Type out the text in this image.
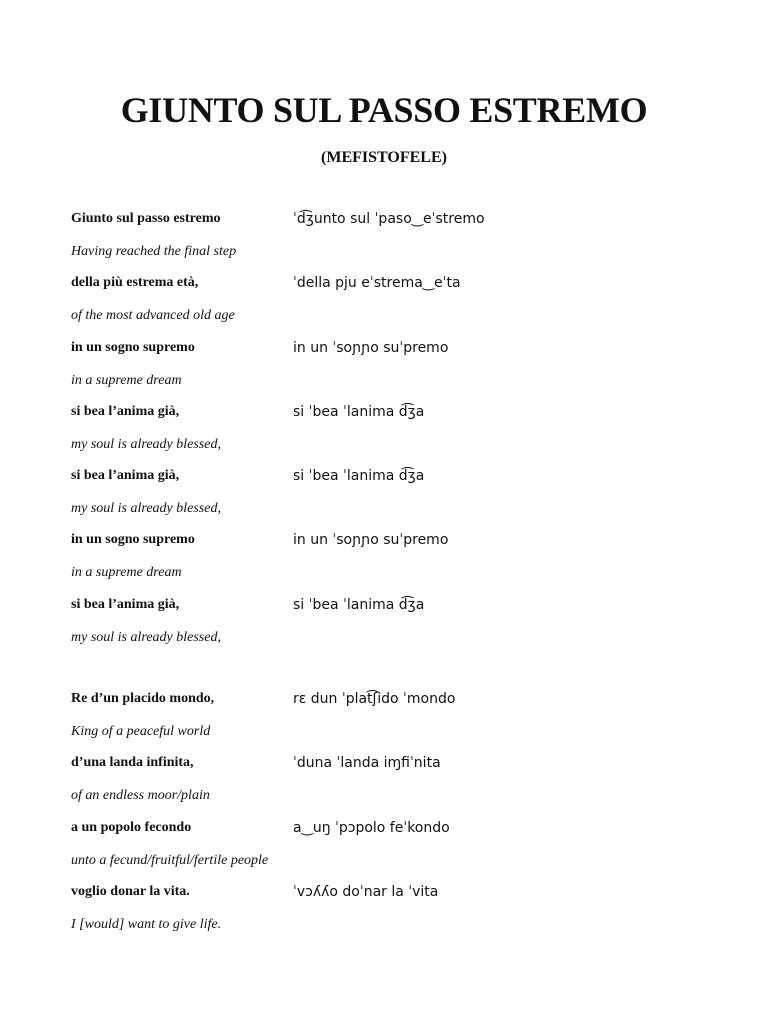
GIUNTO SUL PASSO ESTREMO
(MEFISTOFELE)
Giunto sul passo estremo	ˈd͡ʒunto sul ˈpaso‿eˈstremo
Having reached the final step
della più estrema età,	ˈdella pju eˈstrema‿eˈta
of the most advanced old age
in un sogno supremo	in un ˈsoɲɲo suˈpremo
in a supreme dream
si bea l’anima già,	si ˈbea ˈlanima d͡ʒa
my soul is already blessed,
si bea l’anima già,	si ˈbea ˈlanima d͡ʒa
my soul is already blessed,
in un sogno supremo	in un ˈsoɲɲo suˈpremo
in a supreme dream
si bea l’anima già,	si ˈbea ˈlanima d͡ʒa
my soul is already blessed,
Re d’un placido mondo,	rɛ dun ˈplat͡ʃido ˈmondo
King of a peaceful world
d’una landa infinita,	ˈduna ˈlanda iɱfiˈnita
of an endless moor/plain
a un popolo fecondo	a‿uŋ ˈpɔpolo feˈkondo
unto a fecund/fruitful/fertile people
voglio donar la vita.	ˈvɔʎʎo doˈnar la ˈvita
I [would] want to give life.
